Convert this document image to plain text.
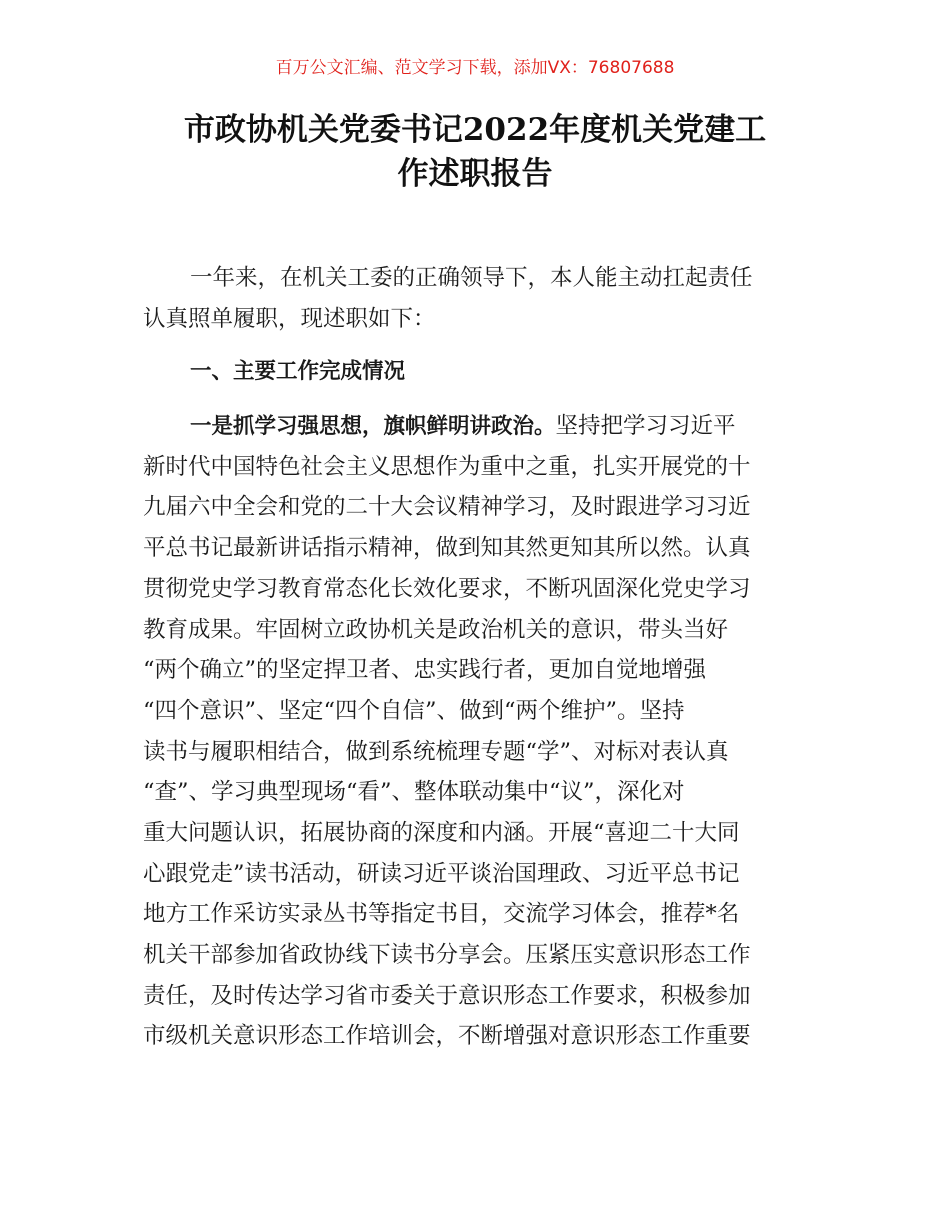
百万公文汇编、范文学习下载，添加VX：76807688
市政协机关党委书记2022年度机关党建工
作述职报告
一年来，在机关工委的正确领导下，本人能主动扛起责任
认真照单履职，现述职如下：
一、主要工作完成情况
一是抓学习强思想，旗帜鲜明讲政治。坚持把学习习近平
新时代中国特色社会主义思想作为重中之重，扎实开展党的十
九届六中全会和党的二十大会议精神学习，及时跟进学习习近
平总书记最新讲话指示精神，做到知其然更知其所以然。认真
贯彻党史学习教育常态化长效化要求，不断巩固深化党史学习
教育成果。牢固树立政协机关是政治机关的意识，带头当好
“两个确立”的坚定捍卫者、忠实践行者，更加自觉地增强
“四个意识”、坚定“四个自信”、做到“两个维护”。坚持
读书与履职相结合，做到系统梳理专题“学”、对标对表认真
“查”、学习典型现场“看”、整体联动集中“议”，深化对
重大问题认识，拓展协商的深度和内涵。开展“喜迎二十大同
心跟党走”读书活动，研读习近平谈治国理政、习近平总书记
地方工作采访实录丛书等指定书目，交流学习体会，推荐*名
机关干部参加省政协线下读书分享会。压紧压实意识形态工作
责任，及时传达学习省市委关于意识形态工作要求，积极参加
市级机关意识形态工作培训会，不断增强对意识形态工作重要
